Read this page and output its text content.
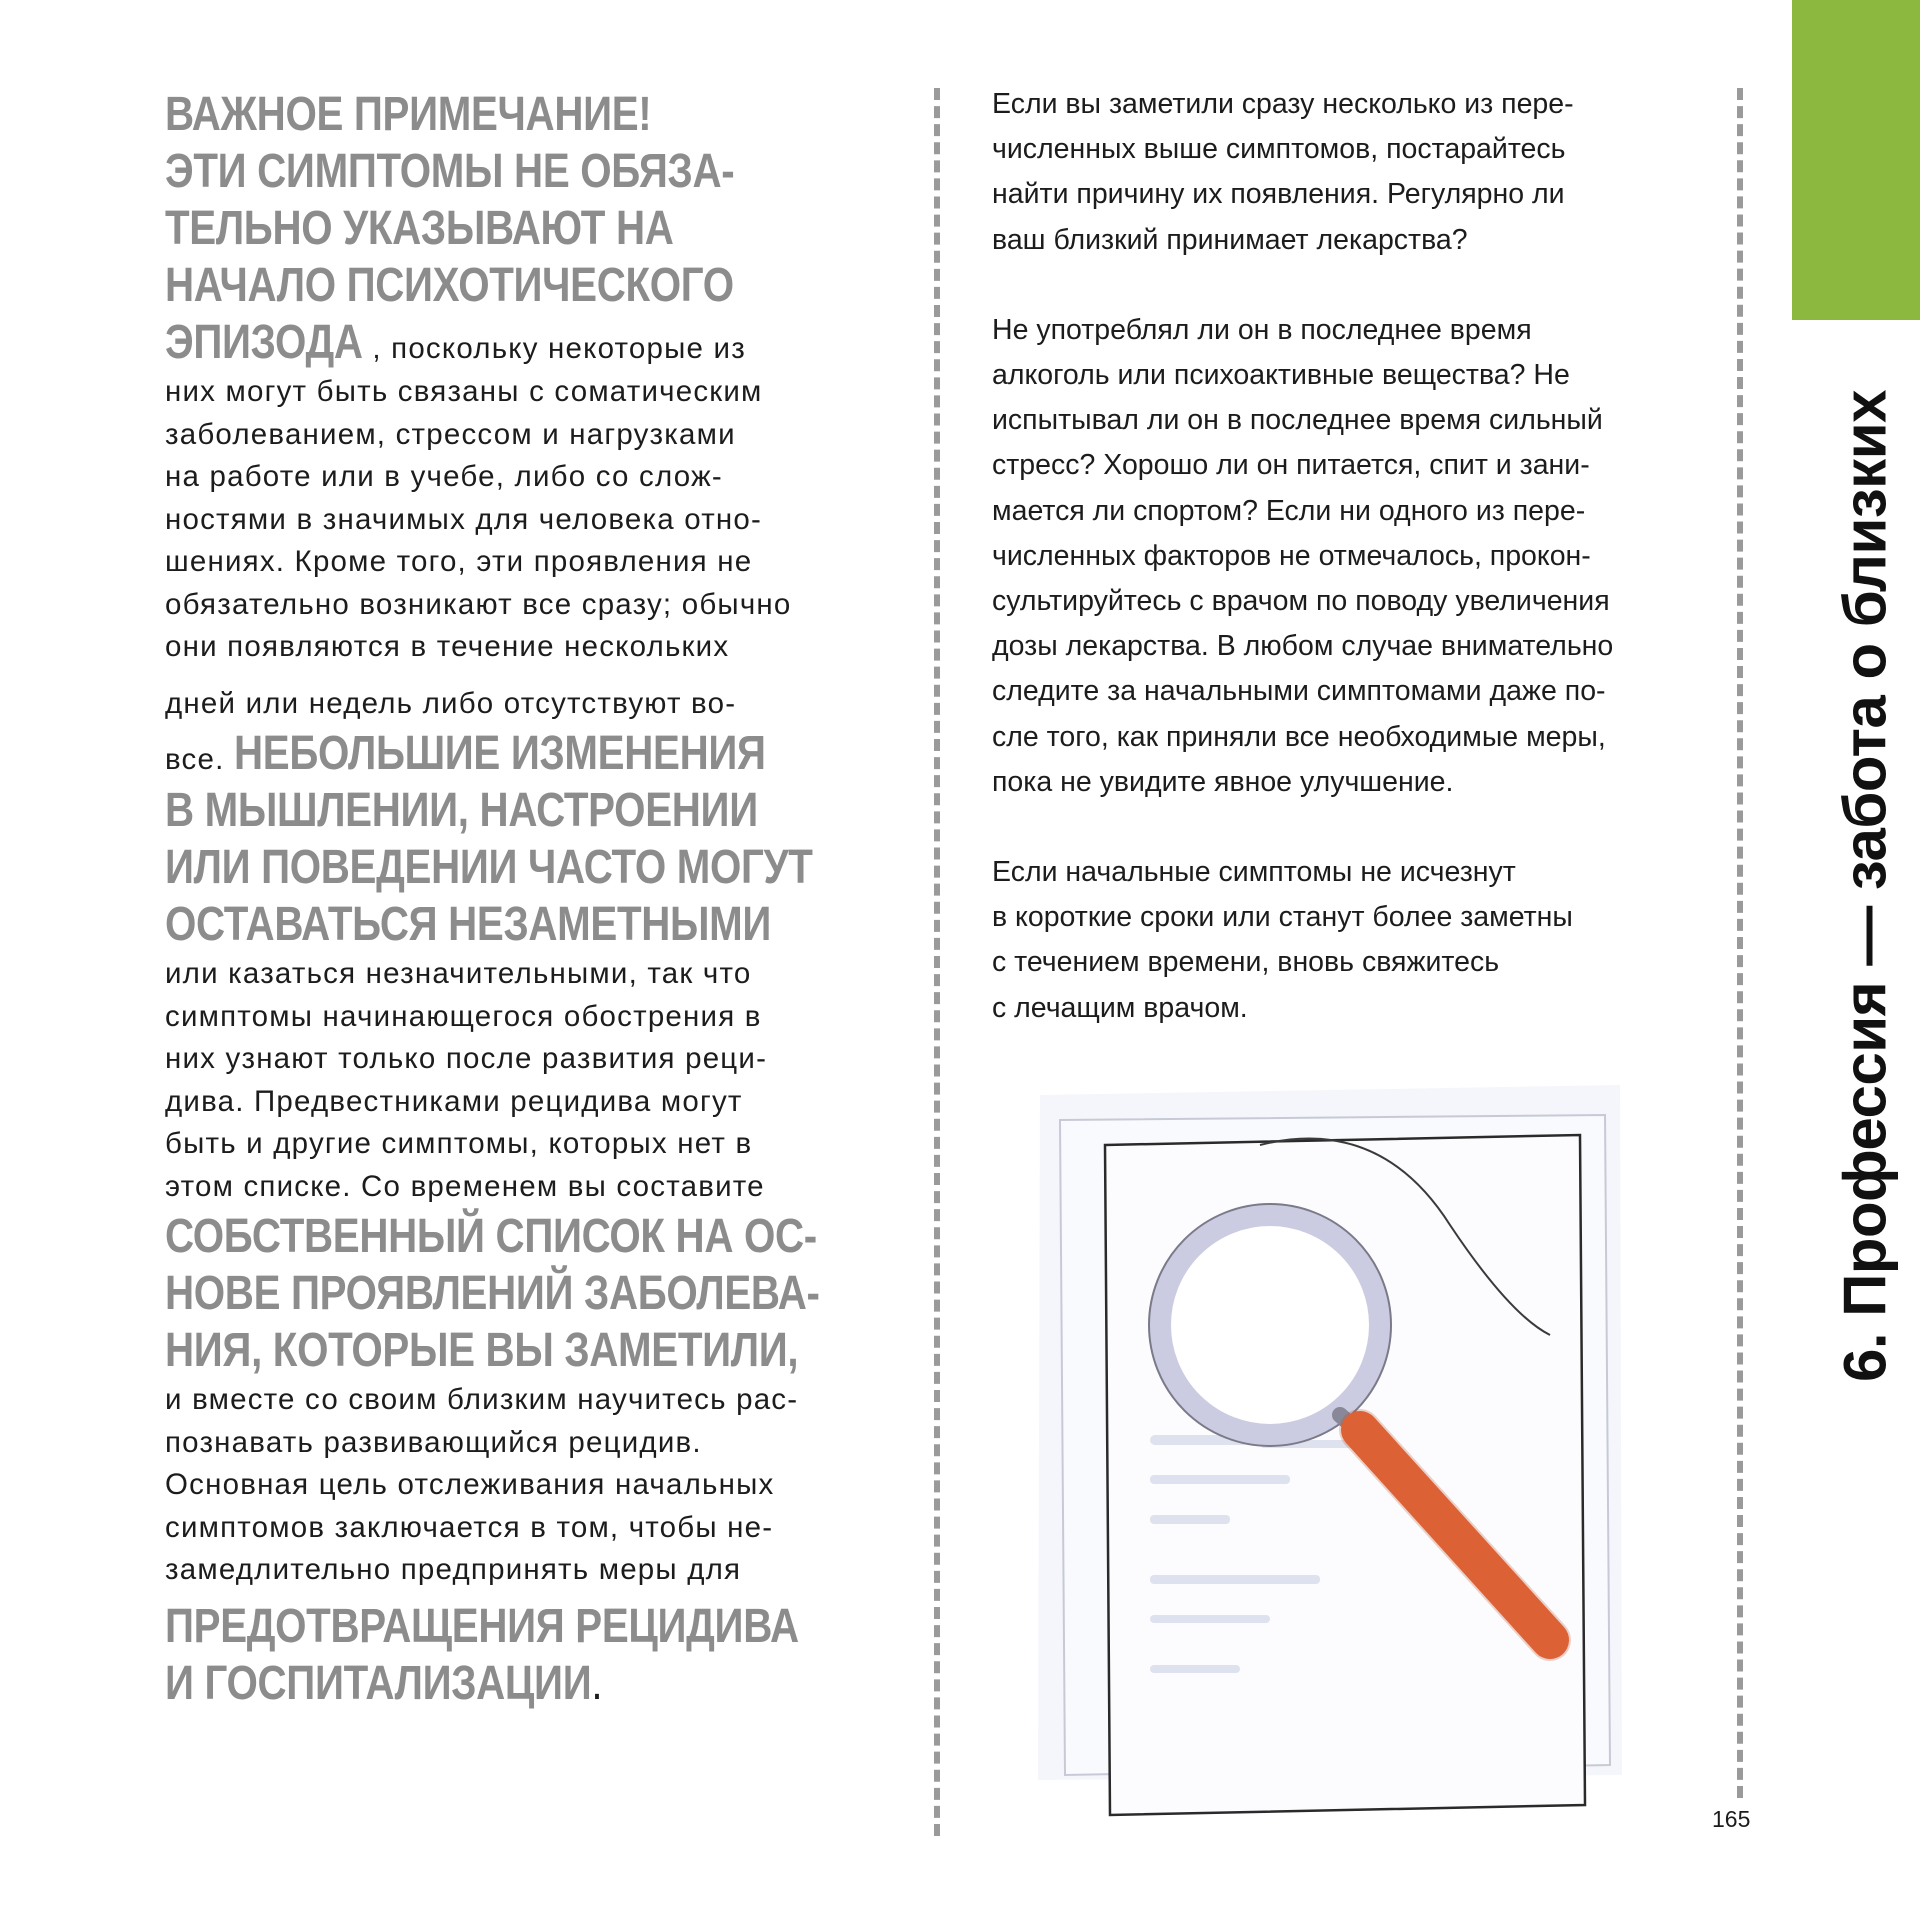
6. Профессия — забота о близких
ВАЖНОЕ ПРИМЕЧАНИЕ!
ЭТИ СИМПТОМЫ НЕ ОБЯЗА-
ТЕЛЬНО УКАЗЫВАЮТ НА
НАЧАЛО ПСИХОТИЧЕСКОГО

ЭПИЗОДА , поскольку некоторые из

них могут быть связаны с соматическим

заболеванием, стрессом и нагрузками

на работе или в учебе, либо со слож-

ностями в значимых для человека отно-

шениях. Кроме того, эти проявления не

обязательно возникают все сразу; обычно

они появляются в течение нескольких

дней или недель либо отсутствуют во-

все. НЕБОЛЬШИЕ ИЗМЕНЕНИЯ

В МЫШЛЕНИИ, НАСТРОЕНИИ
ИЛИ ПОВЕДЕНИИ ЧАСТО МОГУТ
ОСТАВАТЬСЯ НЕЗАМЕТНЫМИ

или казаться незначительными, так что

симптомы начинающегося обострения в

них узнают только после развития реци-

дива. Предвестниками рецидива могут

быть и другие симптомы, которых нет в

этом списке. Со временем вы составите

СОБСТВЕННЫЙ СПИСОК НА ОС-
НОВЕ ПРОЯВЛЕНИЙ ЗАБОЛЕВА-
НИЯ, КОТОРЫЕ ВЫ ЗАМЕТИЛИ,

и вместе со своим близким научитесь рас-

познавать развивающийся рецидив.

Основная цель отслеживания начальных

симптомов заключается в том, чтобы не-

замедлительно предпринять меры для

ПРЕДОТВРАЩЕНИЯ РЕЦИДИВА
И ГОСПИТАЛИЗАЦИИ.

Если вы заметили сразу несколько из пере-
численных выше симптомов, постарайтесь
найти причину их появления. Регулярно ли
ваш близкий принимает лекарства?

Не употреблял ли он в последнее время
алкоголь или психоактивные вещества? Не
испытывал ли он в последнее время сильный
стресс? Хорошо ли он питается, спит и зани-
мается ли спортом? Если ни одного из пере-
численных факторов не отмечалось, прокон-
сультируйтесь с врачом по поводу увеличения
дозы лекарства. В любом случае внимательно
следите за начальными симптомами даже по-
сле того, как приняли все необходимые меры,
пока не увидите явное улучшение.

Если начальные симптомы не исчезнут
в короткие сроки или станут более заметны
с течением времени, вновь свяжитесь
с лечащим врачом.

165
